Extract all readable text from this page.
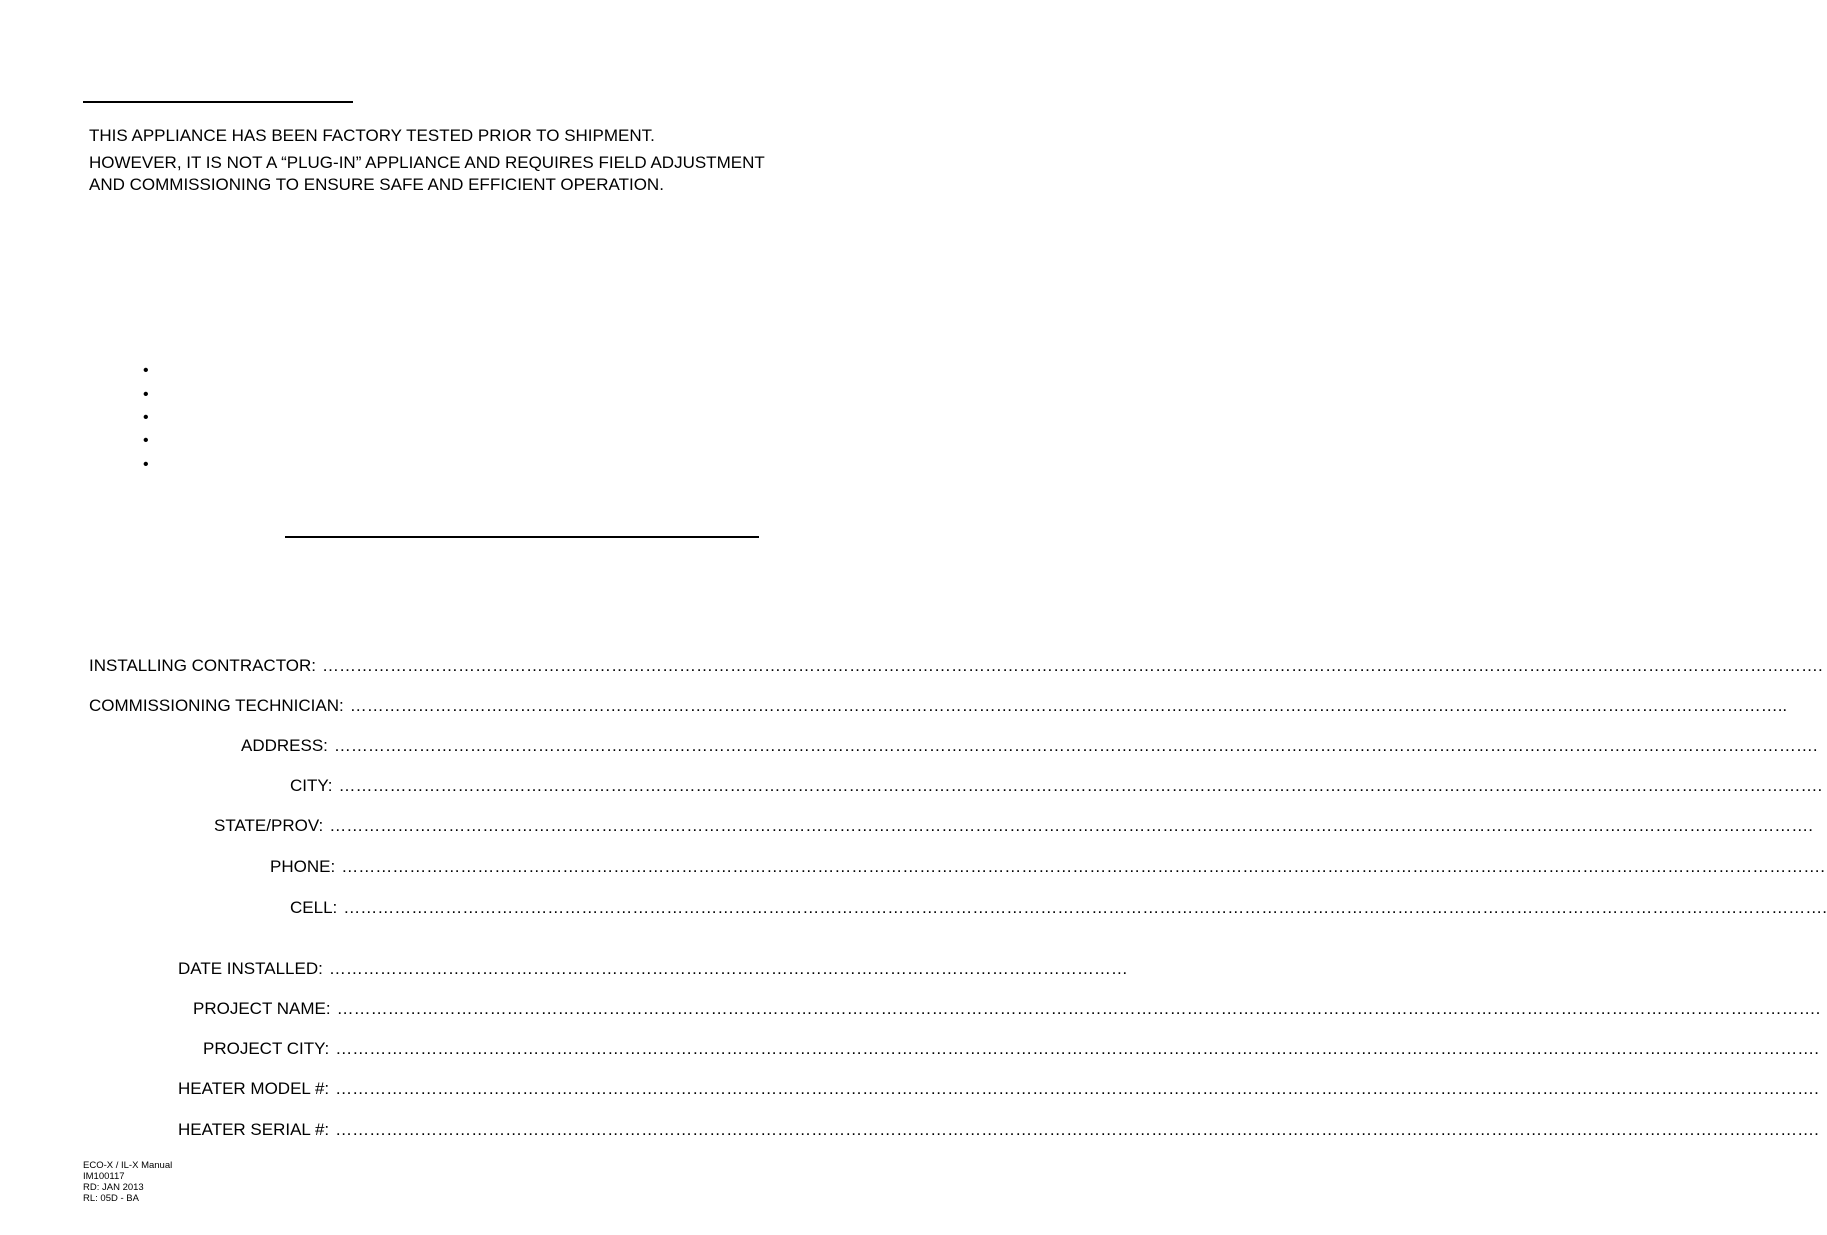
THIS APPLIANCE HAS BEEN FACTORY TESTED PRIOR TO SHIPMENT.
HOWEVER, IT IS NOT A “PLUG-IN” APPLIANCE AND REQUIRES FIELD ADJUSTMENT
AND COMMISSIONING TO ENSURE SAFE AND EFFICIENT OPERATION.
•
•
•
•
•
INSTALLING CONTRACTOR: ………………………………………………………………………………………………………………………………………………………………………………………………………………………………………….
COMMISSIONING TECHNICIAN: ………………………………………………………………………………………………………………………………………………………………………………………………………………………………..
ADDRESS: ……………………………………………………………………………………………………………………………………………………………………………………………………………………………………….
CITY: ……………………………………………………………………………………………………………………………………………………………………………………………………………………………………….
STATE/PROV: ……………………………………………………………………………………………………………………………………………………………………………………………………………………………………….
PHONE: ……………………………………………………………………………………………………………………………………………………………………………………………………………………………………….
CELL: ……………………………………………………………………………………………………………………………………………………………………………………………………………………………………….
DATE INSTALLED: ……………………………………………………………………………………………………………………………
PROJECT NAME: ……………………………………………………………………………………………………………………………………………………………………………………………………………………………………….
PROJECT CITY: ……………………………………………………………………………………………………………………………………………………………………………………………………………………………………….
HEATER MODEL #: ……………………………………………………………………………………………………………………………………………………………………………………………………………………………………….
HEATER SERIAL #: ……………………………………………………………………………………………………………………………………………………………………………………………………………………………………….
ECO-X / IL-X Manual
IM100117
RD: JAN 2013
RL: 05D - BA
